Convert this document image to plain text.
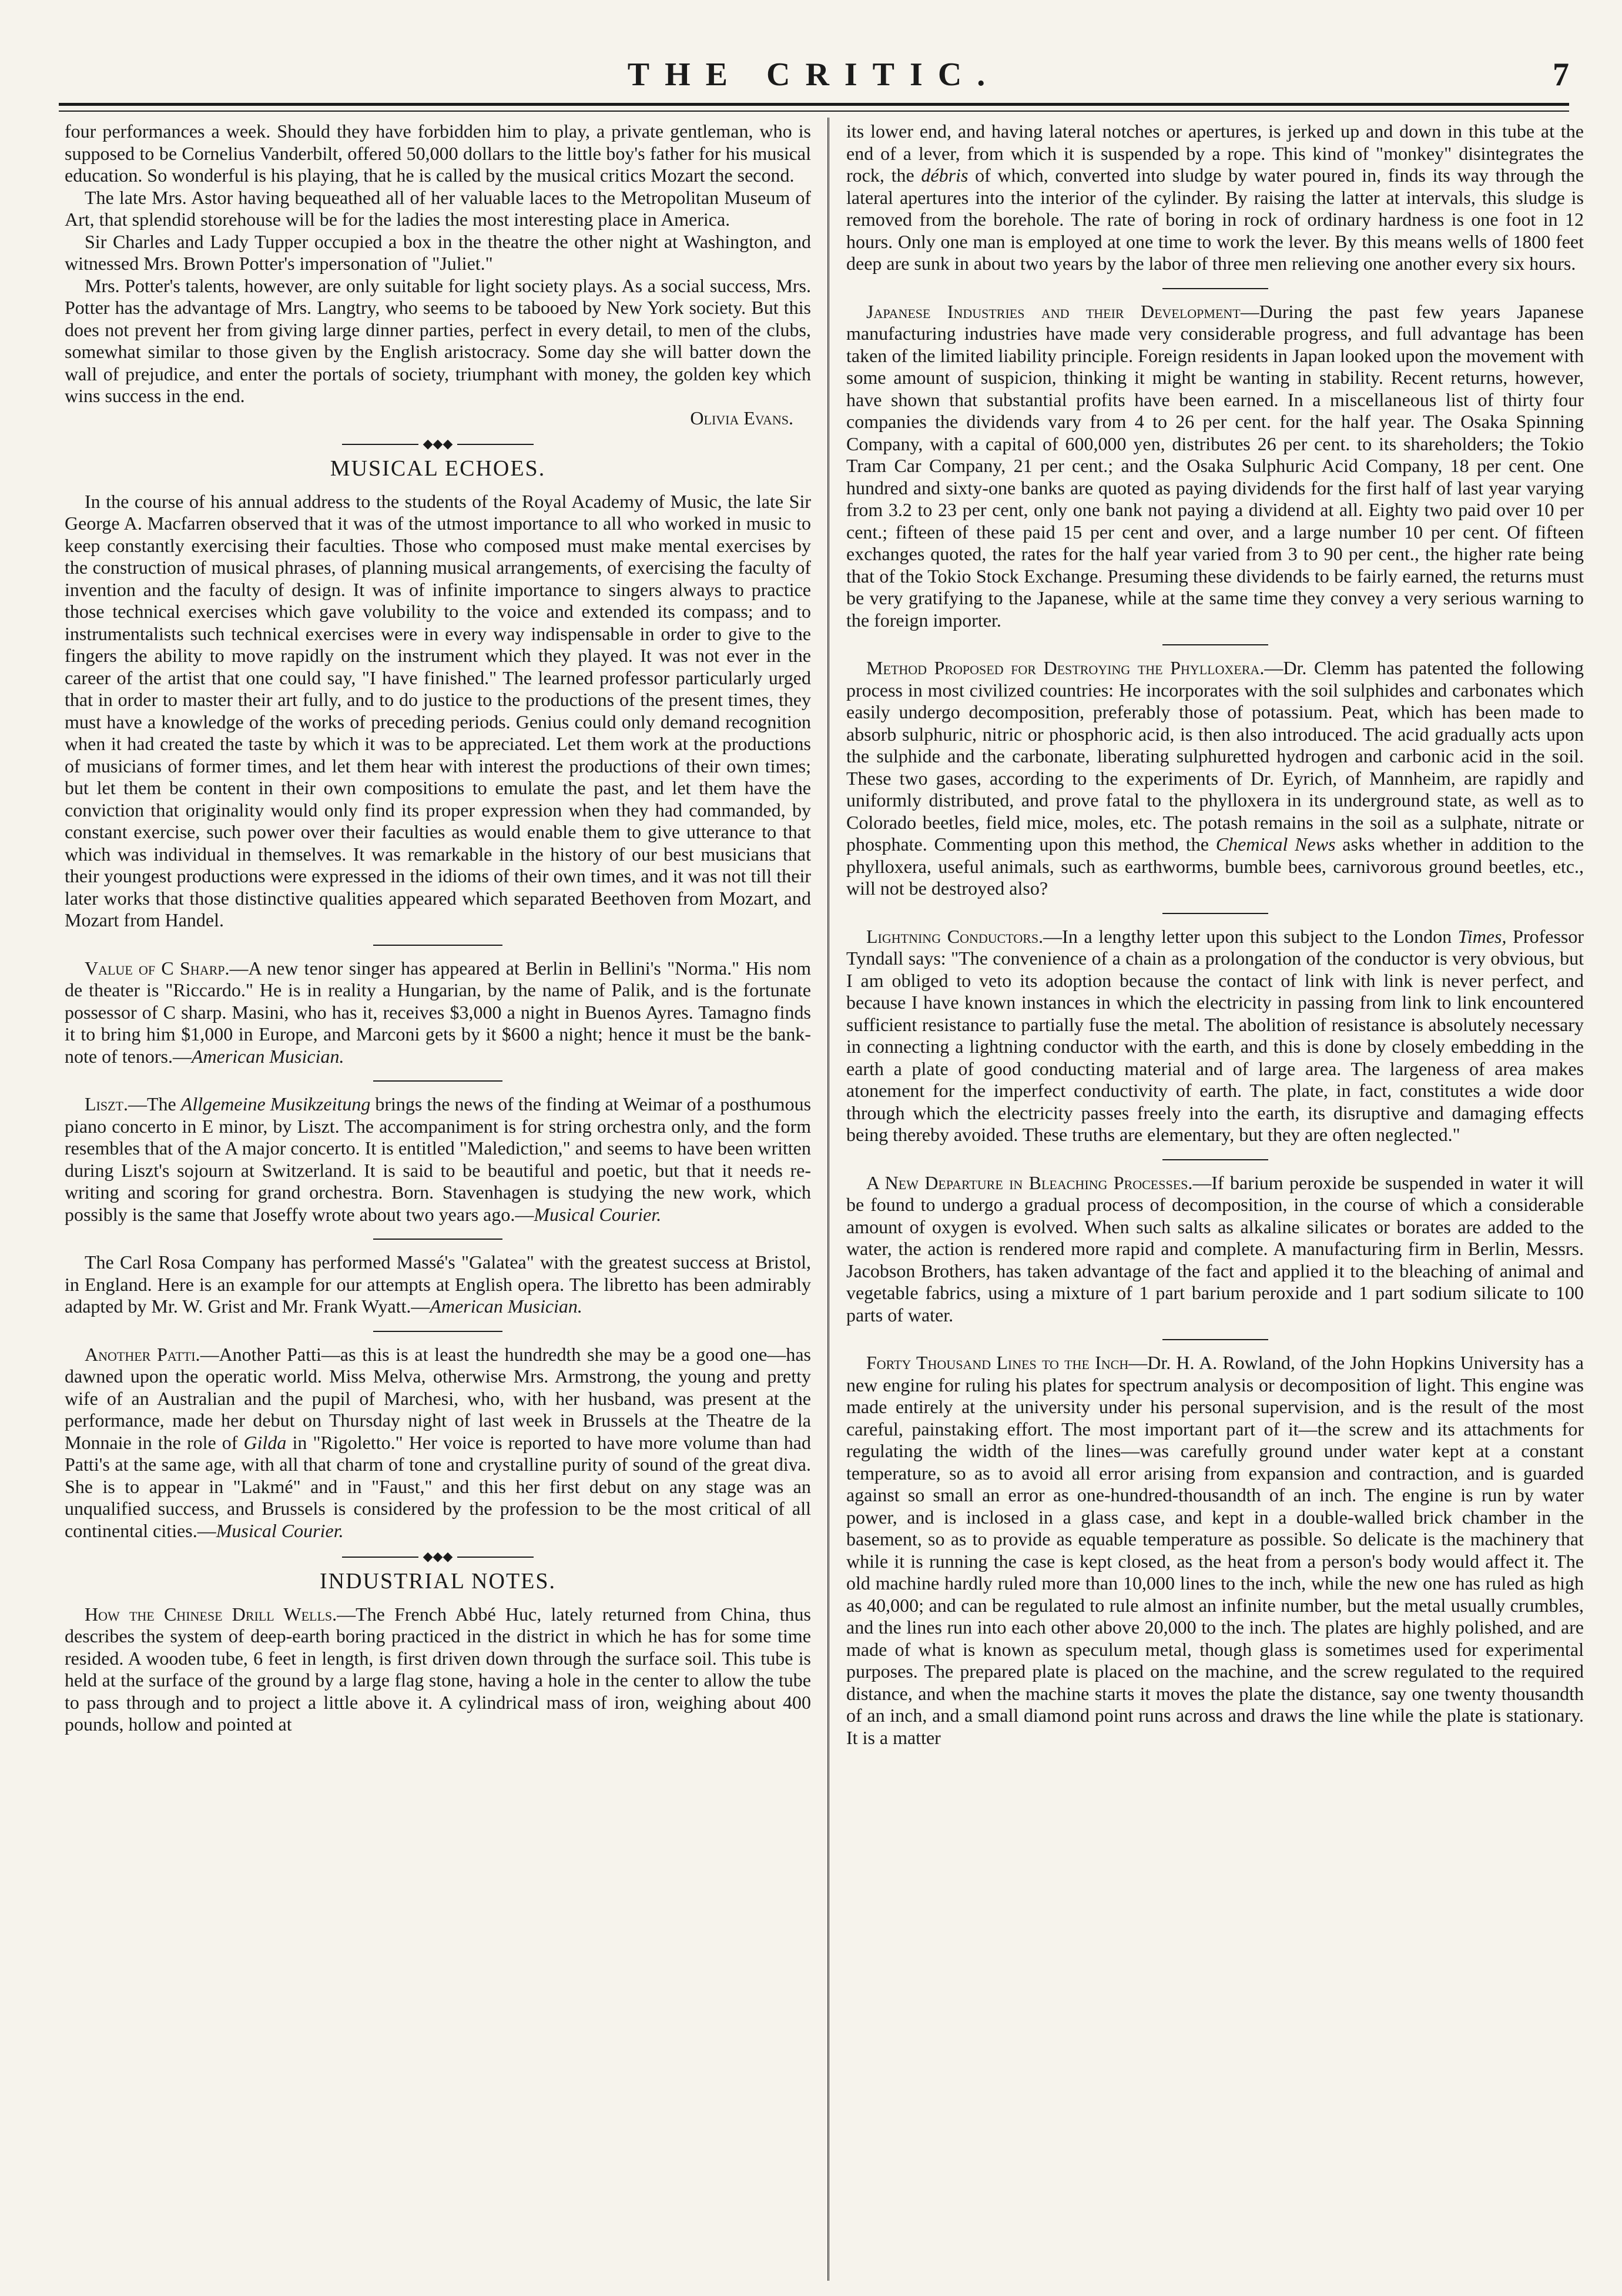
THE CRITIC.	7

four performances a week. Should they have forbidden him to play, a private gentleman, who is supposed to be Cornelius Vanderbilt, offered 50,000 dollars to the little boy's father for his musical education. So wonderful is his playing, that he is called by the musical critics Mozart the second.

The late Mrs. Astor having bequeathed all of her valuable laces to the Metropolitan Museum of Art, that splendid storehouse will be for the ladies the most interesting place in America.

Sir Charles and Lady Tupper occupied a box in the theatre the other night at Washington, and witnessed Mrs. Brown Potter's impersonation of "Juliet."

Mrs. Potter's talents, however, are only suitable for light society plays. As a social success, Mrs. Potter has the advantage of Mrs. Langtry, who seems to be tabooed by New York society. But this does not prevent her from giving large dinner parties, perfect in every detail, to men of the clubs, somewhat similar to those given by the English aristocracy. Some day she will batter down the wall of prejudice, and enter the portals of society, triumphant with money, the golden key which wins success in the end.

Olivia Evans.
◆◆◆
MUSICAL ECHOES.

In the course of his annual address to the students of the Royal Academy of Music, the late Sir George A. Macfarren observed that it was of the utmost importance to all who worked in music to keep constantly exercising their faculties. Those who composed must make mental exercises by the construction of musical phrases, of planning musical arrangements, of exercising the faculty of invention and the faculty of design. It was of infinite importance to singers always to practice those technical exercises which gave volubility to the voice and extended its compass; and to instrumentalists such technical exercises were in every way indispensable in order to give to the fingers the ability to move rapidly on the instrument which they played. It was not ever in the career of the artist that one could say, "I have finished." The learned professor particularly urged that in order to master their art fully, and to do justice to the productions of the present times, they must have a knowledge of the works of preceding periods. Genius could only demand recognition when it had created the taste by which it was to be appreciated. Let them work at the productions of musicians of former times, and let them hear with interest the productions of their own times; but let them be content in their own compositions to emulate the past, and let them have the conviction that originality would only find its proper expression when they had commanded, by constant exercise, such power over their faculties as would enable them to give utterance to that which was individual in themselves. It was remarkable in the history of our best musicians that their youngest productions were expressed in the idioms of their own times, and it was not till their later works that those distinctive qualities appeared which separated Beethoven from Mozart, and Mozart from Handel.

Value of C Sharp.—A new tenor singer has appeared at Berlin in Bellini's "Norma." His nom de theater is "Riccardo." He is in reality a Hungarian, by the name of Palik, and is the fortunate possessor of C sharp. Masini, who has it, receives $3,000 a night in Buenos Ayres. Tamagno finds it to bring him $1,000 in Europe, and Marconi gets by it $600 a night; hence it must be the bank-note of tenors.—American Musician.

Liszt.—The Allgemeine Musikzeitung brings the news of the finding at Weimar of a posthumous piano concerto in E minor, by Liszt. The accompaniment is for string orchestra only, and the form resembles that of the A major concerto. It is entitled "Malediction," and seems to have been written during Liszt's sojourn at Switzerland. It is said to be beautiful and poetic, but that it needs re-writing and scoring for grand orchestra. Born. Stavenhagen is studying the new work, which possibly is the same that Joseffy wrote about two years ago.—Musical Courier.

The Carl Rosa Company has performed Massé's "Galatea" with the greatest success at Bristol, in England. Here is an example for our attempts at English opera. The libretto has been admirably adapted by Mr. W. Grist and Mr. Frank Wyatt.—American Musician.

Another Patti.—Another Patti—as this is at least the hundredth she may be a good one—has dawned upon the operatic world. Miss Melva, otherwise Mrs. Armstrong, the young and pretty wife of an Australian and the pupil of Marchesi, who, with her husband, was present at the performance, made her debut on Thursday night of last week in Brussels at the Theatre de la Monnaie in the role of Gilda in "Rigoletto." Her voice is reported to have more volume than had Patti's at the same age, with all that charm of tone and crystalline purity of sound of the great diva. She is to appear in "Lakmé" and in "Faust," and this her first debut on any stage was an unqualified success, and Brussels is considered by the profession to be the most critical of all continental cities.—Musical Courier.

◆◆◆
INDUSTRIAL NOTES.

How the Chinese Drill Wells.—The French Abbé Huc, lately returned from China, thus describes the system of deep-earth boring practiced in the district in which he has for some time resided. A wooden tube, 6 feet in length, is first driven down through the surface soil. This tube is held at the surface of the ground by a large flag stone, having a hole in the center to allow the tube to pass through and to project a little above it. A cylindrical mass of iron, weighing about 400 pounds, hollow and pointed at

its lower end, and having lateral notches or apertures, is jerked up and down in this tube at the end of a lever, from which it is suspended by a rope. This kind of "monkey" disintegrates the rock, the débris of which, converted into sludge by water poured in, finds its way through the lateral apertures into the interior of the cylinder. By raising the latter at intervals, this sludge is removed from the borehole. The rate of boring in rock of ordinary hardness is one foot in 12 hours. Only one man is employed at one time to work the lever. By this means wells of 1800 feet deep are sunk in about two years by the labor of three men relieving one another every six hours.

Japanese Industries and their Development—During the past few years Japanese manufacturing industries have made very considerable progress, and full advantage has been taken of the limited liability principle. Foreign residents in Japan looked upon the movement with some amount of suspicion, thinking it might be wanting in stability. Recent returns, however, have shown that substantial profits have been earned. In a miscellaneous list of thirty four companies the dividends vary from 4 to 26 per cent. for the half year. The Osaka Spinning Company, with a capital of 600,000 yen, distributes 26 per cent. to its shareholders; the Tokio Tram Car Company, 21 per cent.; and the Osaka Sulphuric Acid Company, 18 per cent. One hundred and sixty-one banks are quoted as paying dividends for the first half of last year varying from 3.2 to 23 per cent, only one bank not paying a dividend at all. Eighty two paid over 10 per cent.; fifteen of these paid 15 per cent and over, and a large number 10 per cent. Of fifteen exchanges quoted, the rates for the half year varied from 3 to 90 per cent., the higher rate being that of the Tokio Stock Exchange. Presuming these dividends to be fairly earned, the returns must be very gratifying to the Japanese, while at the same time they convey a very serious warning to the foreign importer.

Method Proposed for Destroying the Phylloxera.—Dr. Clemm has patented the following process in most civilized countries: He incorporates with the soil sulphides and carbonates which easily undergo decomposition, preferably those of potassium. Peat, which has been made to absorb sulphuric, nitric or phosphoric acid, is then also introduced. The acid gradually acts upon the sulphide and the carbonate, liberating sulphuretted hydrogen and carbonic acid in the soil. These two gases, according to the experiments of Dr. Eyrich, of Mannheim, are rapidly and uniformly distributed, and prove fatal to the phylloxera in its underground state, as well as to Colorado beetles, field mice, moles, etc. The potash remains in the soil as a sulphate, nitrate or phosphate. Commenting upon this method, the Chemical News asks whether in addition to the phylloxera, useful animals, such as earthworms, bumble bees, carnivorous ground beetles, etc., will not be destroyed also?

Lightning Conductors.—In a lengthy letter upon this subject to the London Times, Professor Tyndall says: "The convenience of a chain as a prolongation of the conductor is very obvious, but I am obliged to veto its adoption because the contact of link with link is never perfect, and because I have known instances in which the electricity in passing from link to link encountered sufficient resistance to partially fuse the metal. The abolition of resistance is absolutely necessary in connecting a lightning conductor with the earth, and this is done by closely embedding in the earth a plate of good conducting material and of large area. The largeness of area makes atonement for the imperfect conductivity of earth. The plate, in fact, constitutes a wide door through which the electricity passes freely into the earth, its disruptive and damaging effects being thereby avoided. These truths are elementary, but they are often neglected."

A New Departure in Bleaching Processes.—If barium peroxide be suspended in water it will be found to undergo a gradual process of decomposition, in the course of which a considerable amount of oxygen is evolved. When such salts as alkaline silicates or borates are added to the water, the action is rendered more rapid and complete. A manufacturing firm in Berlin, Messrs. Jacobson Brothers, has taken advantage of the fact and applied it to the bleaching of animal and vegetable fabrics, using a mixture of 1 part barium peroxide and 1 part sodium silicate to 100 parts of water.

Forty Thousand Lines to the Inch—Dr. H. A. Rowland, of the John Hopkins University has a new engine for ruling his plates for spectrum analysis or decomposition of light. This engine was made entirely at the university under his personal supervision, and is the result of the most careful, painstaking effort. The most important part of it—the screw and its attachments for regulating the width of the lines—was carefully ground under water kept at a constant temperature, so as to avoid all error arising from expansion and contraction, and is guarded against so small an error as one-hundred-thousandth of an inch. The engine is run by water power, and is inclosed in a glass case, and kept in a double-walled brick chamber in the basement, so as to provide as equable temperature as possible. So delicate is the machinery that while it is running the case is kept closed, as the heat from a person's body would affect it. The old machine hardly ruled more than 10,000 lines to the inch, while the new one has ruled as high as 40,000; and can be regulated to rule almost an infinite number, but the metal usually crumbles, and the lines run into each other above 20,000 to the inch. The plates are highly polished, and are made of what is known as speculum metal, though glass is sometimes used for experimental purposes. The prepared plate is placed on the machine, and the screw regulated to the required distance, and when the machine starts it moves the plate the distance, say one twenty thousandth of an inch, and a small diamond point runs across and draws the line while the plate is stationary. It is a matter
